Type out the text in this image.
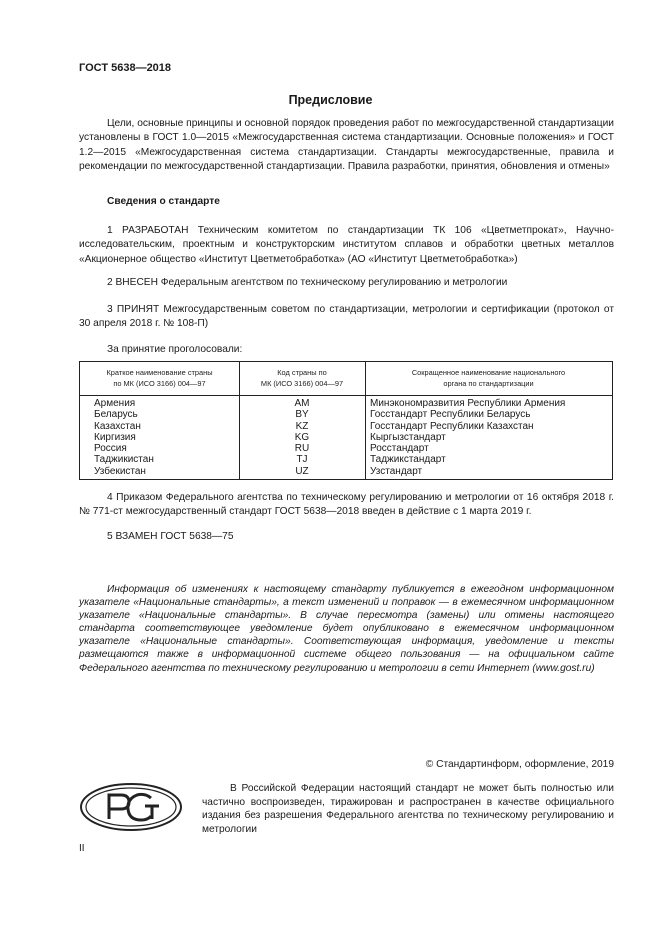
ГОСТ 5638—2018
Предисловие
Цели, основные принципы и основной порядок проведения работ по межгосударственной стандартизации установлены в ГОСТ 1.0—2015 «Межгосударственная система стандартизации. Основные положения» и ГОСТ 1.2—2015 «Межгосударственная система стандартизации. Стандарты межгосударственные, правила и рекомендации по межгосударственной стандартизации. Правила разработки, принятия, обновления и отмены»
Сведения о стандарте
1 РАЗРАБОТАН Техническим комитетом по стандартизации ТК 106 «Цветметпрокат», Научно-исследовательским, проектным и конструкторским институтом сплавов и обработки цветных металлов «Акционерное общество «Институт Цветметобработка» (АО «Институт Цветметобработка»)
2 ВНЕСЕН Федеральным агентством по техническому регулированию и метрологии
3 ПРИНЯТ Межгосударственным советом по стандартизации, метрологии и сертификации (протокол от 30 апреля 2018 г. № 108-П)
За принятие проголосовали:
Краткое наименование страны
по МК (ИСО 3166) 004—97
Код страны по
МК (ИСО 3166) 004—97
Сокращенное наименование национального
органа по стандартизации
Армения
Беларусь
Казахстан
Киргизия
Россия
Таджикистан
Узбекистан
AM
BY
KZ
KG
RU
TJ
UZ
Минэкономразвития Республики Армения
Госстандарт Республики Беларусь
Госстандарт Республики Казахстан
Кыргызстандарт
Росстандарт
Таджикстандарт
Узстандарт
4 Приказом Федерального агентства по техническому регулированию и метрологии от 16 октября 2018 г. № 771-ст межгосударственный стандарт ГОСТ 5638—2018 введен в действие с 1 марта 2019 г.
5 ВЗАМЕН ГОСТ 5638—75
Информация об изменениях к настоящему стандарту публикуется в ежегодном информационном указателе «Национальные стандарты», а текст изменений и поправок — в ежемесячном информационном указателе «Национальные стандарты». В случае пересмотра (замены) или отмены настоящего стандарта соответствующее уведомление будет опубликовано в ежемесячном информационном указателе «Национальные стандарты». Соответствующая информация, уведомление и тексты размещаются также в информационной системе общего пользования — на официальном сайте Федерального агентства по техническому регулированию и метрологии в сети Интернет (www.gost.ru)
© Стандартинформ, оформление, 2019
В Российской Федерации настоящий стандарт не может быть полностью или частично воспроизведен, тиражирован и распространен в качестве официального издания без разрешения Федерального агентства по техническому регулированию и метрологии
II
